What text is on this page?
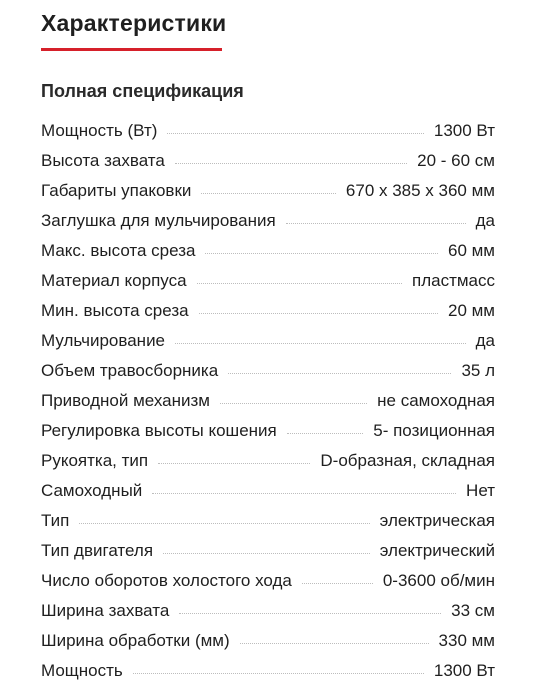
Характеристики
Полная спецификация
Мощность (Вт)	1300 Вт
Высота захвата	20 - 60 см
Габариты упаковки	670 x 385 x 360 мм
Заглушка для мульчирования	да
Макс. высота среза	60 мм
Материал корпуса	пластмасс
Мин. высота среза	20 мм
Мульчирование	да
Объем травосборника	35 л
Приводной механизм	не самоходная
Регулировка высоты кошения	5- позиционная
Рукоятка, тип	D-образная, складная
Самоходный	Нет
Тип	электрическая
Тип двигателя	электрический
Число оборотов холостого хода	0-3600 об/мин
Ширина захвата	33 см
Ширина обработки (мм)	330 мм
Мощность	1300 Вт
